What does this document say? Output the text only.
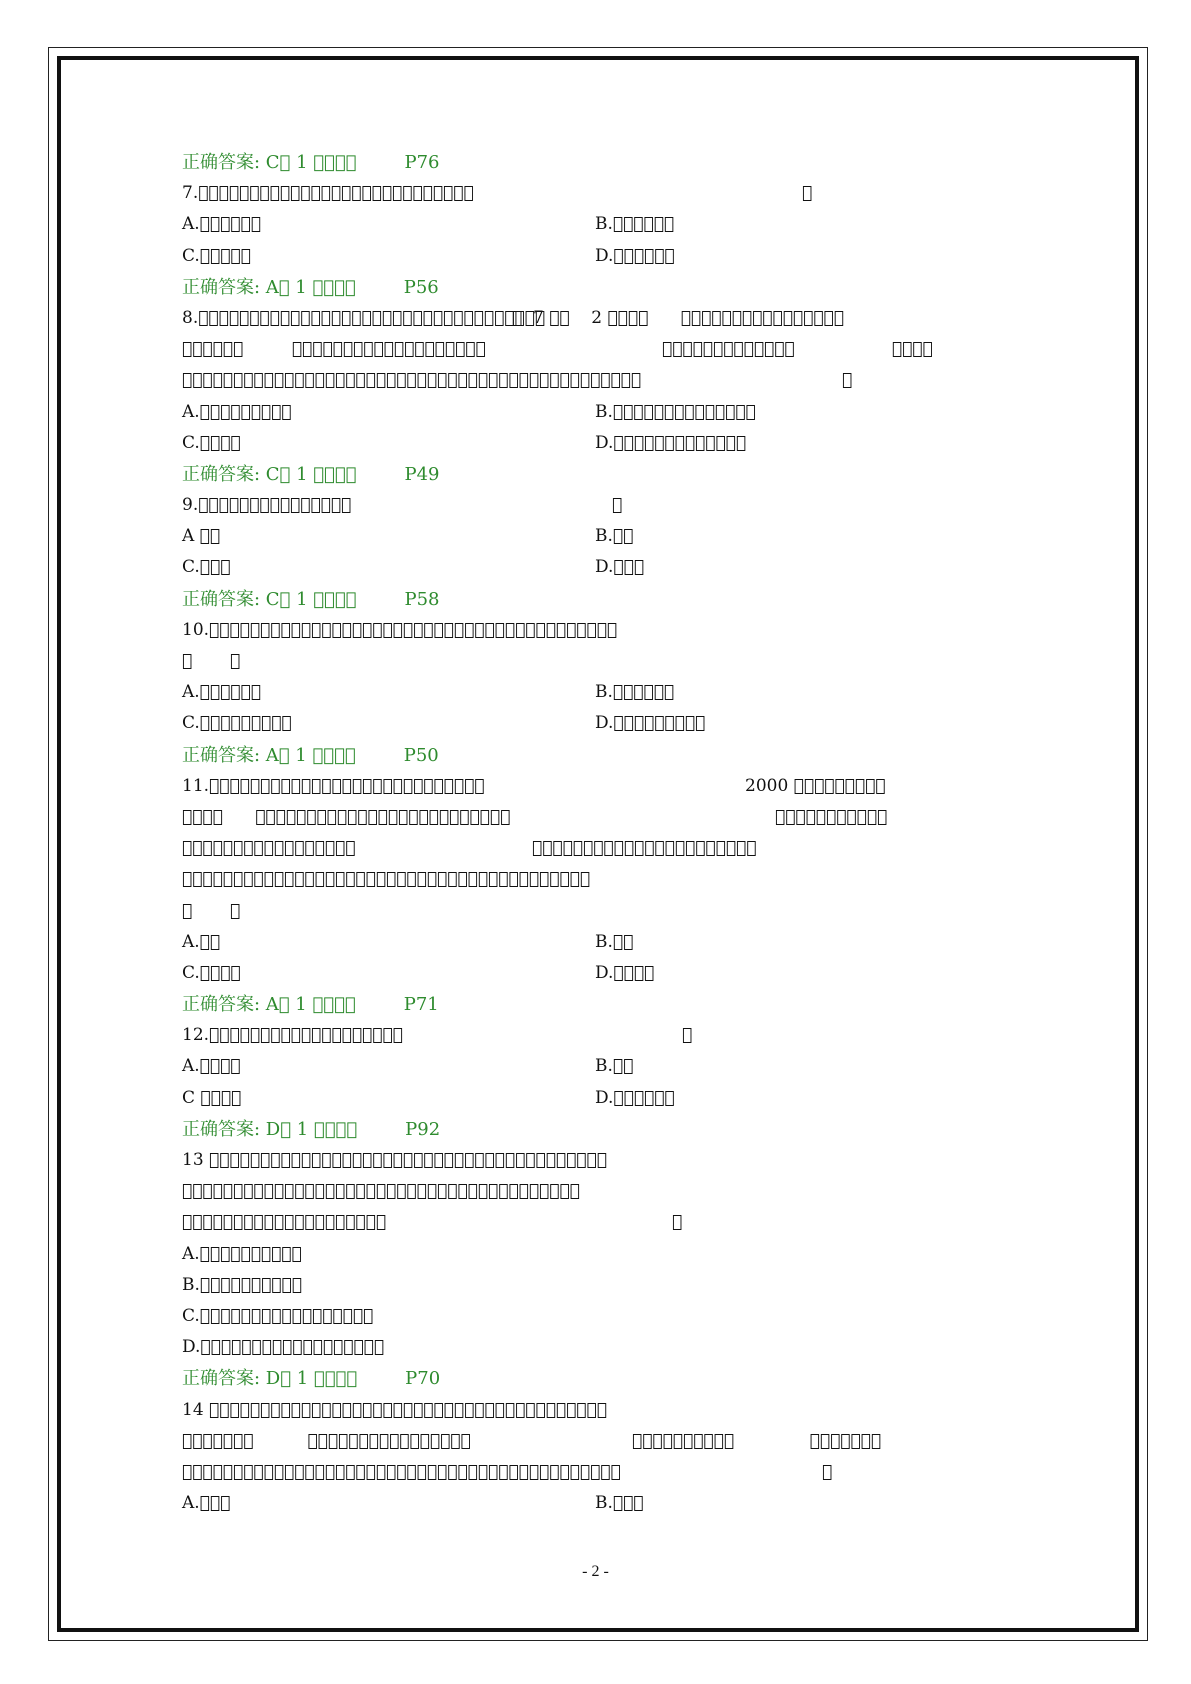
正确答案: C  1     	P76
7.                           	 
A.      	B.      
C.     	D.      
正确答案: A  1     	P56
8.                                  
   7       2                           
                                  	                                   
                                             	 
A.         	B.              
C.    	D.             
正确答案: C  1     	P49
9.               	 
A   	B.  
C.   	D.   
正确答案: C  1     	P58
10.                                        
         
A.      	B.      
C.         	D.         
正确答案: A  1     	P50
11.                           	2000          
                                   	           
                 	                      
                                        
         
A.  	B.  
C.    	D.    
正确答案: A  1     	P71
12.                   	 
A.    	B.  
C     	D.      
正确答案: D  1     	P92
13                                        
                                       
                    	 
A.          
B.          
C.                 
D.                  
正确答案: D  1     	P70
14                                        
                                 	                               
                                           	 
A.   	B.   
- 2 -
